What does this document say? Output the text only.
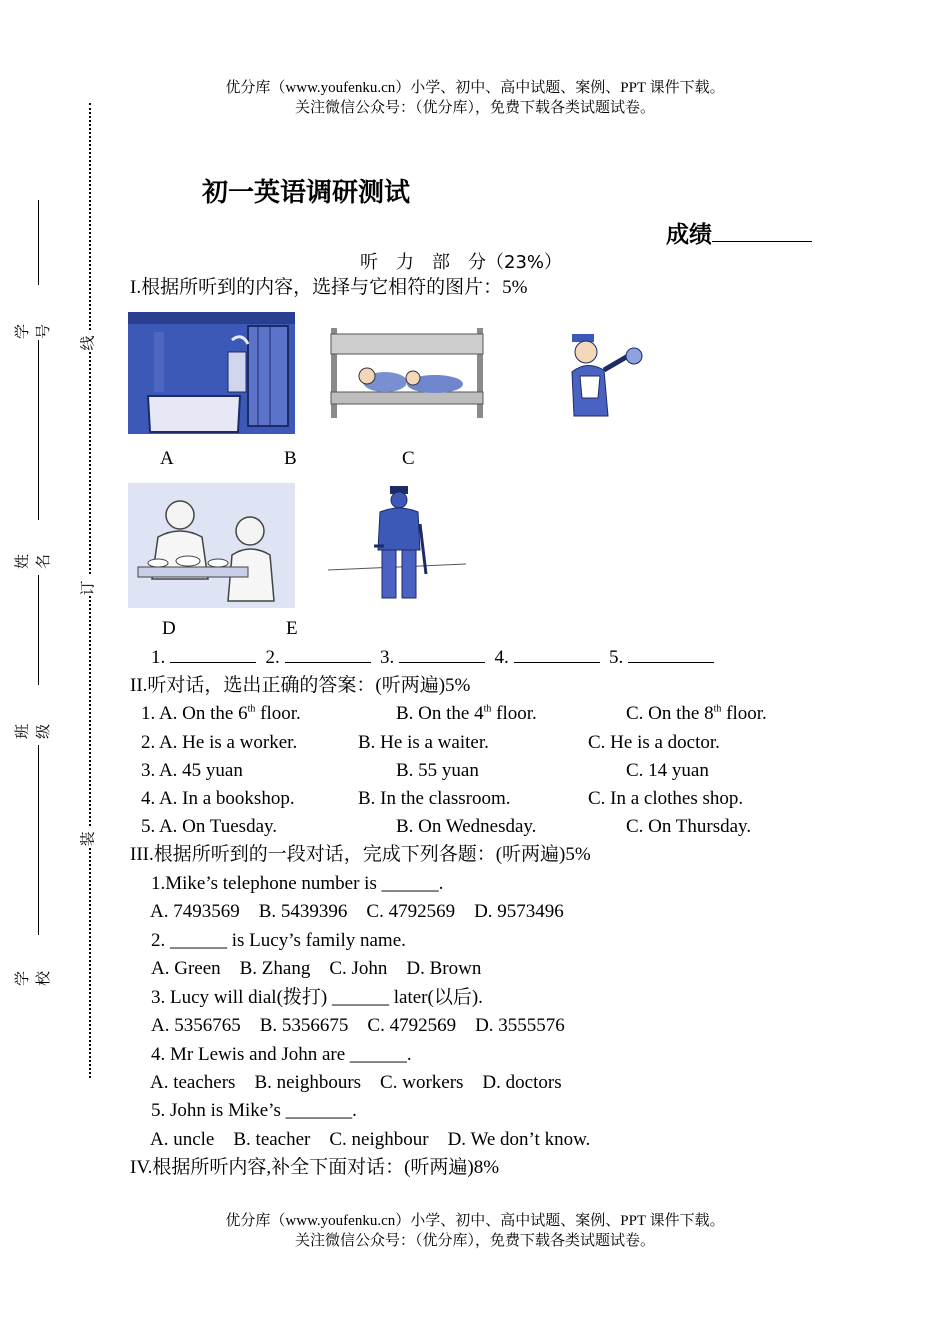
优分库（www.youfenku.cn）小学、初中、高中试题、案例、PPT 课件下载。
关注微信公众号：（优分库），免费下载各类试题试卷。
学号
姓名
班级
学校
线
订
装
初一英语调研测试
成绩
听　力　部　分（23%）
I.根据所听到的内容，选择与它相符的图片：5%
A	B	C
D	E
1.	2.	3.	4.	5.
II.听对话，选出正确的答案：(听两遍)5%
1. A. On the 6th floor.	B. On the 4th floor.	C. On the 8th floor.
2. A. He is a worker.	B. He is a waiter.	C. He is a doctor.
3. A. 45 yuan	B. 55 yuan	C. 14 yuan
4. A. In a bookshop.	B. In the classroom.	C. In a clothes shop.
5. A. On Tuesday.	B. On Wednesday.	C. On Thursday.
III.根据所听到的一段对话，完成下列各题：(听两遍)5%
1.Mike’s telephone number is ______.
A. 7493569    B. 5439396    C. 4792569    D. 9573496
2. ______ is Lucy’s family name.
A. Green    B. Zhang    C. John    D. Brown
3. Lucy will dial(拨打) ______ later(以后).
A. 5356765    B. 5356675    C. 4792569    D. 3555576
4. Mr Lewis and John are ______.
A. teachers    B. neighbours    C. workers    D. doctors
5. John is Mike’s _______.
A. uncle    B. teacher    C. neighbour    D. We don’t know.
IV.根据所听内容,补全下面对话：(听两遍)8%
优分库（www.youfenku.cn）小学、初中、高中试题、案例、PPT 课件下载。
关注微信公众号：（优分库），免费下载各类试题试卷。
